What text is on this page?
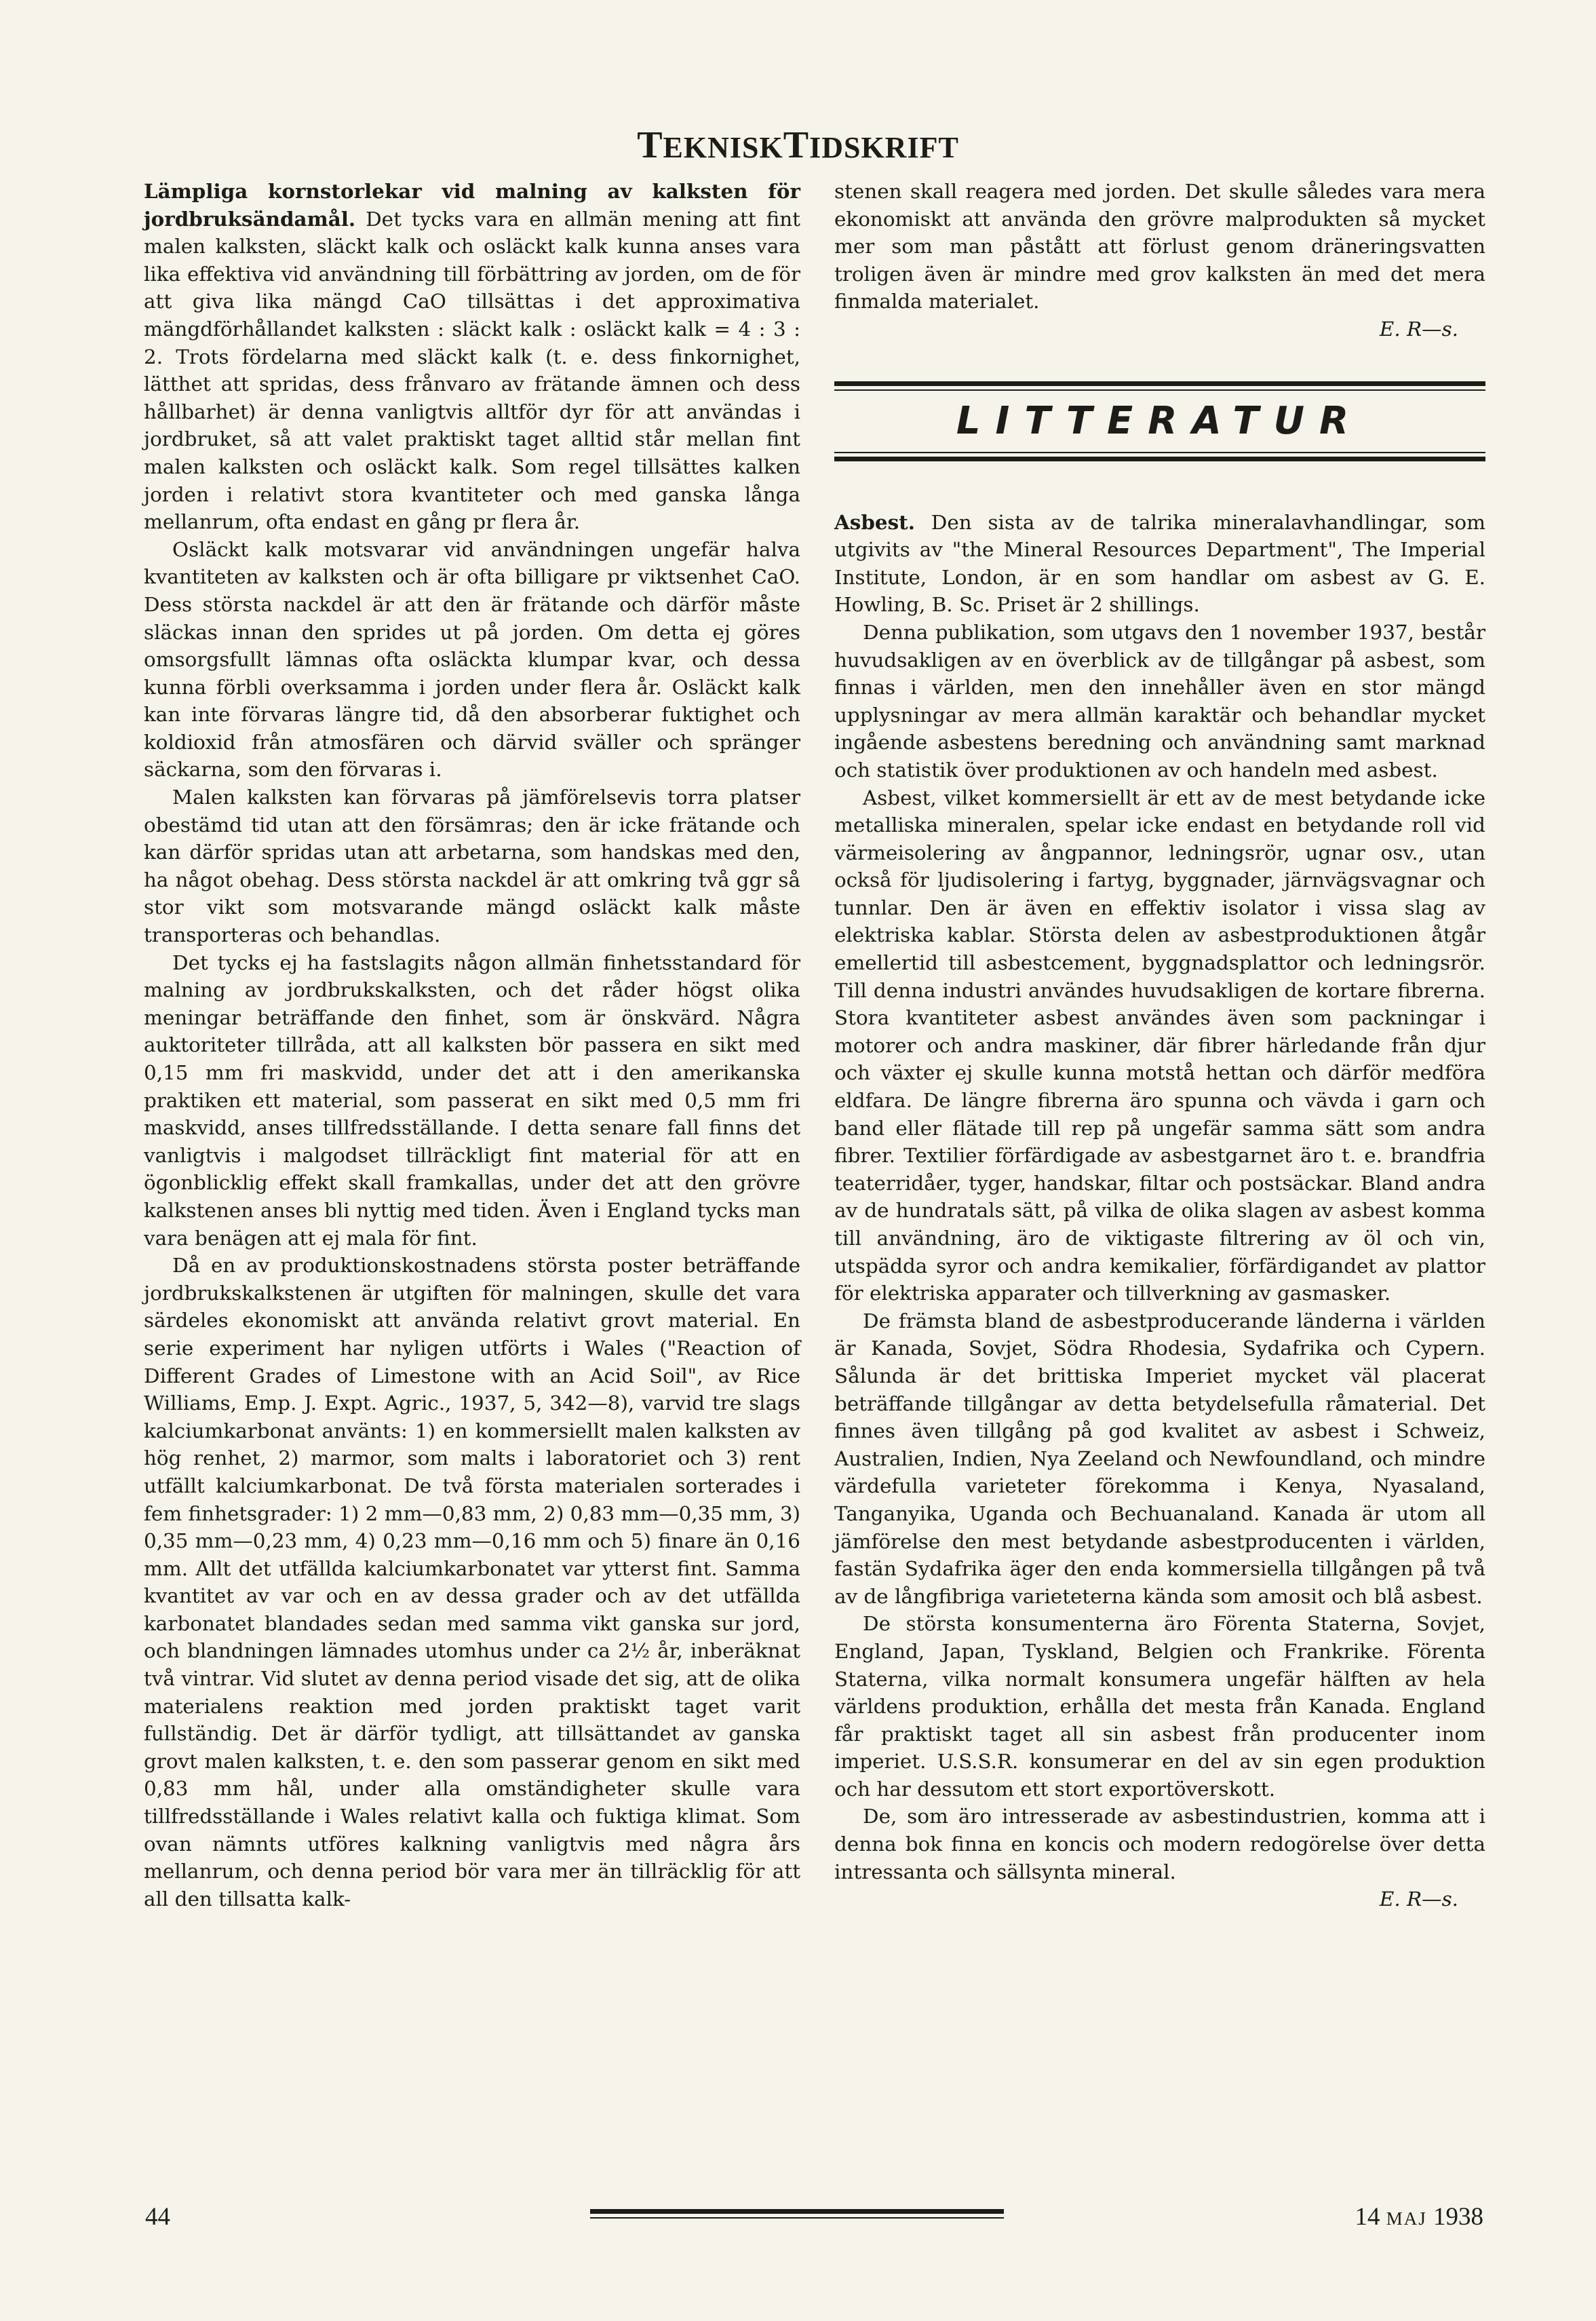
TEKNISKTIDSKRIFT

Lämpliga kornstorlekar vid malning av kalksten för jordbruksändamål. Det tycks vara en allmän mening att fint malen kalksten, släckt kalk och osläckt kalk kunna anses vara lika effektiva vid användning till förbättring av jorden, om de för att giva lika mängd CaO tillsättas i det approximativa mängdförhållandet kalksten : släckt kalk : osläckt kalk = 4 : 3 : 2. Trots fördelarna med släckt kalk (t. e. dess finkornighet, lätthet att spridas, dess frånvaro av frätande ämnen och dess hållbarhet) är denna vanligtvis alltför dyr för att användas i jordbruket, så att valet praktiskt taget alltid står mellan fint malen kalksten och osläckt kalk. Som regel tillsättes kalken jorden i relativt stora kvantiteter och med ganska långa mellanrum, ofta endast en gång pr flera år.

Osläckt kalk motsvarar vid användningen ungefär halva kvantiteten av kalksten och är ofta billigare pr viktsenhet CaO. Dess största nackdel är att den är frätande och därför måste släckas innan den sprides ut på jorden. Om detta ej göres omsorgsfullt lämnas ofta osläckta klumpar kvar, och dessa kunna förbli overksamma i jorden under flera år. Osläckt kalk kan inte förvaras längre tid, då den absorberar fuktighet och koldioxid från atmosfären och därvid sväller och spränger säckarna, som den förvaras i.

Malen kalksten kan förvaras på jämförelsevis torra platser obestämd tid utan att den försämras; den är icke frätande och kan därför spridas utan att arbetarna, som handskas med den, ha något obehag. Dess största nackdel är att omkring två ggr så stor vikt som motsvarande mängd osläckt kalk måste transporteras och behandlas.

Det tycks ej ha fastslagits någon allmän finhetsstandard för malning av jordbrukskalksten, och det råder högst olika meningar beträffande den finhet, som är önskvärd. Några auktoriteter tillråda, att all kalksten bör passera en sikt med 0,15 mm fri maskvidd, under det att i den amerikanska praktiken ett material, som passerat en sikt med 0,5 mm fri maskvidd, anses tillfredsställande. I detta senare fall finns det vanligtvis i malgodset tillräckligt fint material för att en ögonblicklig effekt skall framkallas, under det att den grövre kalkstenen anses bli nyttig med tiden. Även i England tycks man vara benägen att ej mala för fint.

Då en av produktionskostnadens största poster beträffande jordbrukskalkstenen är utgiften för malningen, skulle det vara särdeles ekonomiskt att använda relativt grovt material. En serie experiment har nyligen utförts i Wales ("Reaction of Different Grades of Limestone with an Acid Soil", av Rice Williams, Emp. J. Expt. Agric., 1937, 5, 342—8), varvid tre slags kalciumkarbonat använts: 1) en kommersiellt malen kalksten av hög renhet, 2) marmor, som malts i laboratoriet och 3) rent utfällt kalciumkarbonat. De två första materialen sorterades i fem finhetsgrader: 1) 2 mm—0,83 mm, 2) 0,83 mm—0,35 mm, 3) 0,35 mm—0,23 mm, 4) 0,23 mm—0,16 mm och 5) finare än 0,16 mm. Allt det utfällda kalciumkarbonatet var ytterst fint. Samma kvantitet av var och en av dessa grader och av det utfällda karbonatet blandades sedan med samma vikt ganska sur jord, och blandningen lämnades utomhus under ca 2½ år, inberäknat två vintrar. Vid slutet av denna period visade det sig, att de olika materialens reaktion med jorden praktiskt taget varit fullständig. Det är därför tydligt, att tillsättandet av ganska grovt malen kalksten, t. e. den som passerar genom en sikt med 0,83 mm hål, under alla omständigheter skulle vara tillfredsställande i Wales relativt kalla och fuktiga klimat. Som ovan nämnts utföres kalkning vanligtvis med några års mellanrum, och denna period bör vara mer än tillräcklig för att all den tillsatta kalk-

stenen skall reagera med jorden. Det skulle således vara mera ekonomiskt att använda den grövre malprodukten så mycket mer som man påstått att förlust genom dräneringsvatten troligen även är mindre med grov kalksten än med det mera finmalda materialet.

E. R—s.

LITTERATUR

Asbest. Den sista av de talrika mineralavhandlingar, som utgivits av "the Mineral Resources Department", The Imperial Institute, London, är en som handlar om asbest av G. E. Howling, B. Sc. Priset är 2 shillings.

Denna publikation, som utgavs den 1 november 1937, består huvudsakligen av en överblick av de tillgångar på asbest, som finnas i världen, men den innehåller även en stor mängd upplysningar av mera allmän karaktär och behandlar mycket ingående asbestens beredning och användning samt marknad och statistik över produktionen av och handeln med asbest.

Asbest, vilket kommersiellt är ett av de mest betydande icke metalliska mineralen, spelar icke endast en betydande roll vid värmeisolering av ångpannor, ledningsrör, ugnar osv., utan också för ljudisolering i fartyg, byggnader, järnvägsvagnar och tunnlar. Den är även en effektiv isolator i vissa slag av elektriska kablar. Största delen av asbestproduktionen åtgår emellertid till asbestcement, byggnadsplattor och ledningsrör. Till denna industri användes huvudsakligen de kortare fibrerna. Stora kvantiteter asbest användes även som packningar i motorer och andra maskiner, där fibrer härledande från djur och växter ej skulle kunna motstå hettan och därför medföra eldfara. De längre fibrerna äro spunna och vävda i garn och band eller flätade till rep på ungefär samma sätt som andra fibrer. Textilier förfärdigade av asbestgarnet äro t. e. brandfria teaterridåer, tyger, handskar, filtar och postsäckar. Bland andra av de hundratals sätt, på vilka de olika slagen av asbest komma till användning, äro de viktigaste filtrering av öl och vin, utspädda syror och andra kemikalier, förfärdigandet av plattor för elektriska apparater och tillverkning av gasmasker.

De främsta bland de asbestproducerande länderna i världen är Kanada, Sovjet, Södra Rhodesia, Sydafrika och Cypern. Sålunda är det brittiska Imperiet mycket väl placerat beträffande tillgångar av detta betydelsefulla råmaterial. Det finnes även tillgång på god kvalitet av asbest i Schweiz, Australien, Indien, Nya Zeeland och Newfoundland, och mindre värdefulla varieteter förekomma i Kenya, Nyasaland, Tanganyika, Uganda och Bechuanaland. Kanada är utom all jämförelse den mest betydande asbestproducenten i världen, fastän Sydafrika äger den enda kommersiella tillgången på två av de långfibriga varieteterna kända som amosit och blå asbest.

De största konsumenterna äro Förenta Staterna, Sovjet, England, Japan, Tyskland, Belgien och Frankrike. Förenta Staterna, vilka normalt konsumera ungefär hälften av hela världens produktion, erhålla det mesta från Kanada. England får praktiskt taget all sin asbest från producenter inom imperiet. U.S.S.R. konsumerar en del av sin egen produktion och har dessutom ett stort exportöverskott.

De, som äro intresserade av asbestindustrien, komma att i denna bok finna en koncis och modern redogörelse över detta intressanta och sällsynta mineral.

E. R—s.

44	14 MAJ 1938
